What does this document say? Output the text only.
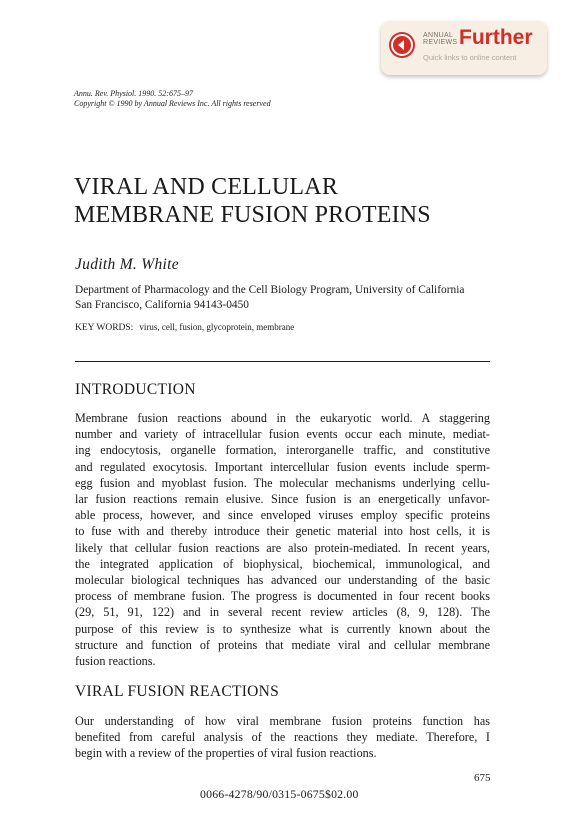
ANNUAL
REVIEWS Further
Quick links to online content
Annu. Rev. Physiol. 1990. 52:675–97
Copyright © 1990 by Annual Reviews Inc. All rights reserved
VIRAL AND CELLULAR
MEMBRANE FUSION PROTEINS
Judith M. White
Department of Pharmacology and the Cell Biology Program, University of California
San Francisco, California 94143-0450
KEY WORDS: virus, cell, fusion, glycoprotein, membrane
INTRODUCTION
Membrane fusion reactions abound in the eukaryotic world. A staggering
number and variety of intracellular fusion events occur each minute, mediat-
ing endocytosis, organelle formation, interorganelle traffic, and constitutive
and regulated exocytosis. Important intercellular fusion events include sperm-
egg fusion and myoblast fusion. The molecular mechanisms underlying cellu-
lar fusion reactions remain elusive. Since fusion is an energetically unfavor-
able process, however, and since enveloped viruses employ specific proteins
to fuse with and thereby introduce their genetic material into host cells, it is
likely that cellular fusion reactions are also protein-mediated. In recent years,
the integrated application of biophysical, biochemical, immunological, and
molecular biological techniques has advanced our understanding of the basic
process of membrane fusion. The progress is documented in four recent books
(29, 51, 91, 122) and in several recent review articles (8, 9, 128). The
purpose of this review is to synthesize what is currently known about the
structure and function of proteins that mediate viral and cellular membrane
fusion reactions.
VIRAL FUSION REACTIONS
Our understanding of how viral membrane fusion proteins function has
benefited from careful analysis of the reactions they mediate. Therefore, I
begin with a review of the properties of viral fusion reactions.
675
0066-4278/90/0315-0675$02.00
